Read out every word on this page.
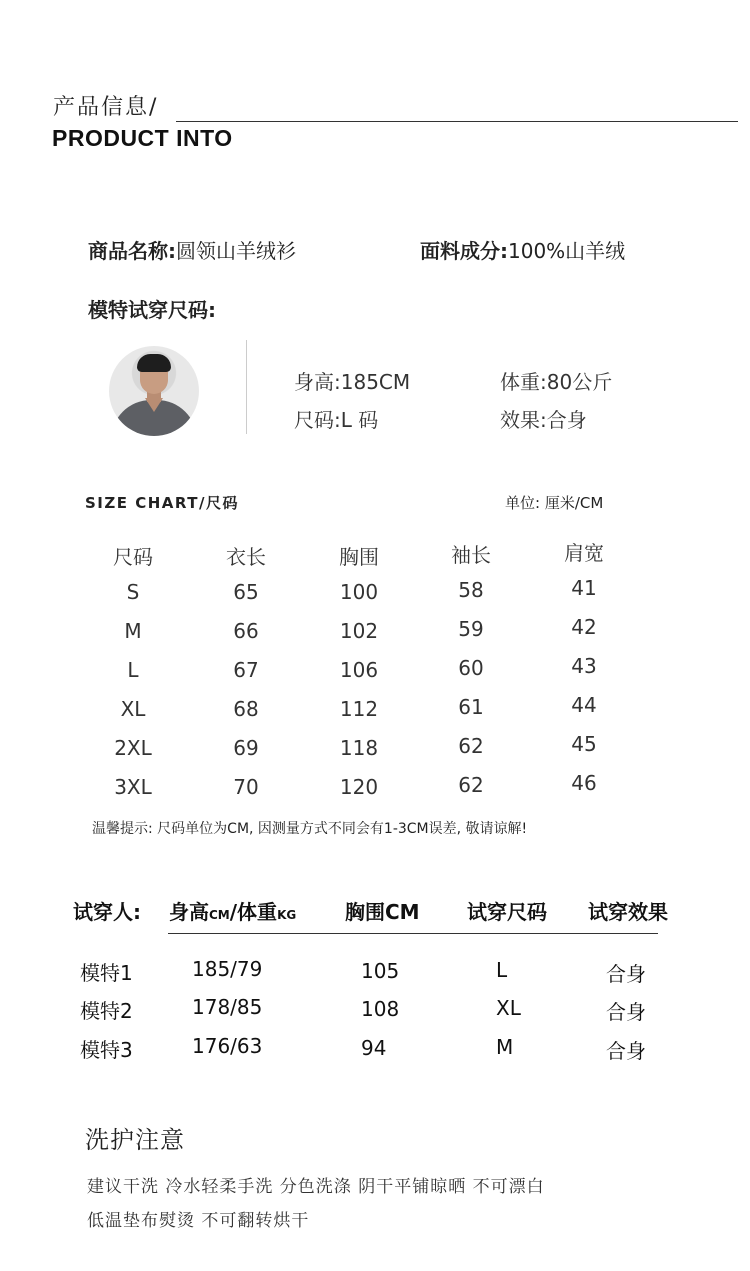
产品信息/
PRODUCT INTO
商品名称:圆领山羊绒衫	面料成分:100%山羊绒
模特试穿尺码:
身高:185CM	体重:80公斤
尺码:L 码	效果:合身
SIZE CHART/尺码	单位: 厘米/CM
尺码	衣长	胸围	袖长	肩宽
S	65	100	58	41
M	66	102	59	42
L	67	106	60	43
XL	68	112	61	44
2XL	69	118	62	45
3XL	70	120	62	46
温馨提示: 尺码单位为CM, 因测量方式不同会有1-3CM误差, 敬请谅解!
试穿人: 身高CM/体重KG 胸围CM 试穿尺码 试穿效果
模特1	185/79	105	L	合身
模特2	178/85	108	XL	合身
模特3	176/63	94	M	合身
洗护注意
建议干洗 冷水轻柔手洗 分色洗涤 阴干平铺晾晒 不可漂白
低温垫布熨烫 不可翻转烘干
